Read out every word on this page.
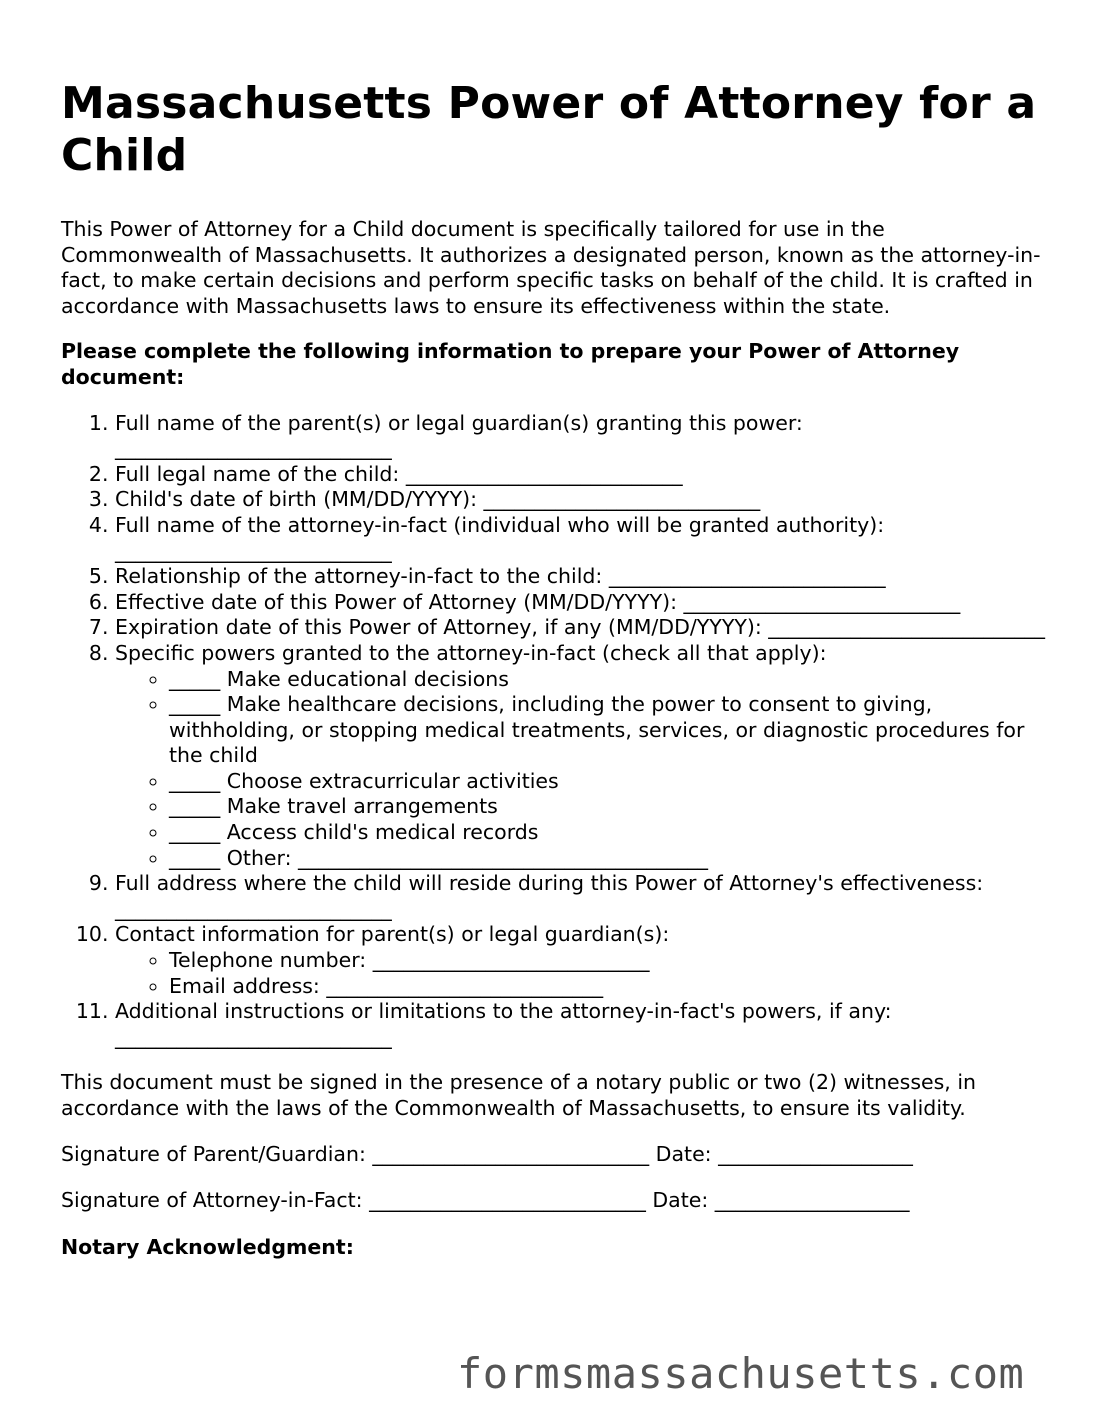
Massachusetts Power of Attorney for a Child

This Power of Attorney for a Child document is specifically tailored for use in the Commonwealth of Massachusetts. It authorizes a designated person, known as the attorney-in-fact, to make certain decisions and perform specific tasks on behalf of the child. It is crafted in accordance with Massachusetts laws to ensure its effectiveness within the state.

Please complete the following information to prepare your Power of Attorney document:

1. Full name of the parent(s) or legal guardian(s) granting this power: ___________________________
2. Full legal name of the child: ___________________________
3. Child's date of birth (MM/DD/YYYY): ___________________________
4. Full name of the attorney-in-fact (individual who will be granted authority): ___________________________
5. Relationship of the attorney-in-fact to the child: ___________________________
6. Effective date of this Power of Attorney (MM/DD/YYYY): ___________________________
7. Expiration date of this Power of Attorney, if any (MM/DD/YYYY): ___________________________
8. Specific powers granted to the attorney-in-fact (check all that apply):
◦ _____ Make educational decisions
◦ _____ Make healthcare decisions, including the power to consent to giving, withholding, or stopping medical treatments, services, or diagnostic procedures for the child
◦ _____ Choose extracurricular activities
◦ _____ Make travel arrangements
◦ _____ Access child's medical records
◦ _____ Other: ________________________________________
9. Full address where the child will reside during this Power of Attorney's effectiveness: ___________________________
10. Contact information for parent(s) or legal guardian(s):
◦ Telephone number: ___________________________
◦ Email address: ___________________________
11. Additional instructions or limitations to the attorney-in-fact's powers, if any: ___________________________

This document must be signed in the presence of a notary public or two (2) witnesses, in accordance with the laws of the Commonwealth of Massachusetts, to ensure its validity.

Signature of Parent/Guardian: ___________________________ Date: ___________________

Signature of Attorney-in-Fact: ___________________________ Date: ___________________

Notary Acknowledgment:

formsmassachusetts.com
